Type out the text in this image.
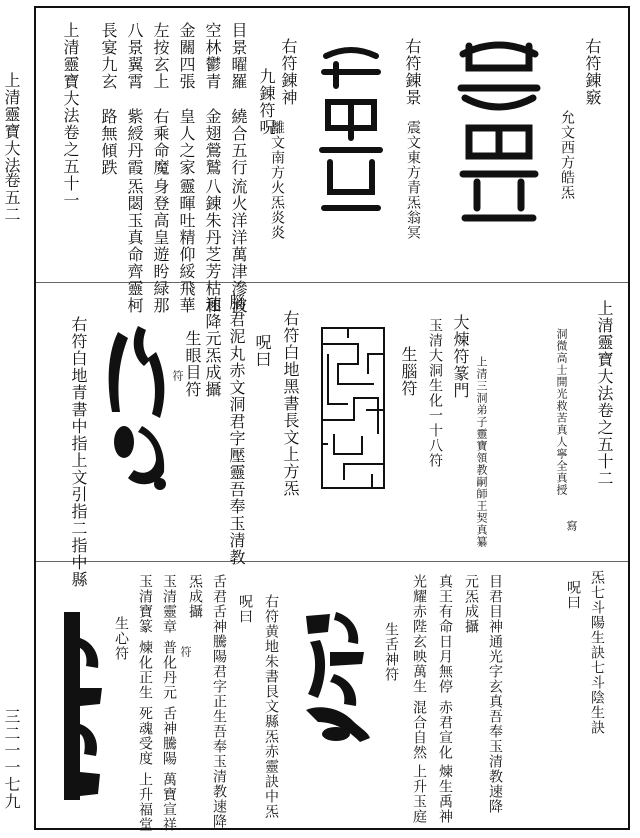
上清靈寶大法
卷五二
三二一一七九
右符錬竅
允文西方皓炁
右符錬景
震文東方青炁翁冥
右符錬神
離文南方火炁炎炎
九錬符呪
目景曜羅
繞合五行
流火洋洋
萬津滲波
空林鬱青
金翅鶯鷲
八錬朱丹
芝芳枯和
金關四張
皇人之家
靈暉吐精
仰綏飛華
左按玄上
右乘命魔
身登高皇
遊盻緑那
八景翼霄
紫綬丹霞
炁閟玉真
命齊靈柯
長宴九玄
路無傾跌
上清靈寶大法卷之五十一
上清靈寶大法卷之五十二
洞微高士開光救苦真人寧全真授
上清三洞弟子靈寶領教嗣師王契真纂
大煉符篆門
玉清大洞生化一十八符
生腦符
寫
右符白地黑書長文上方炁
呪曰
腦君泥丸赤文洞君字壓靈吾奉玉清教
速降元炁成攝
生眼目符
符
右符白地青書中指上文引指二指中縣
炁七斗陽生訣七斗陰生訣
呪曰
目君目神通光字玄真吾奉玉清教速降
元炁成攝
真王有命
日月無停
赤君宣化
煉生禹神
光耀赤陛
玄映萬生
混合自然
上升玉庭
生舌神符
右符黄地朱書艮文縣炁赤靈訣中炁
呪曰
舌君舌神騰陽君字正生吾奉玉清教速降
炁成攝
符
玉清靈章
普化丹元
舌神騰陽
萬寶宣祥
玉清寶篆
煉化正生
死魂受度
上升福堂
生心符
